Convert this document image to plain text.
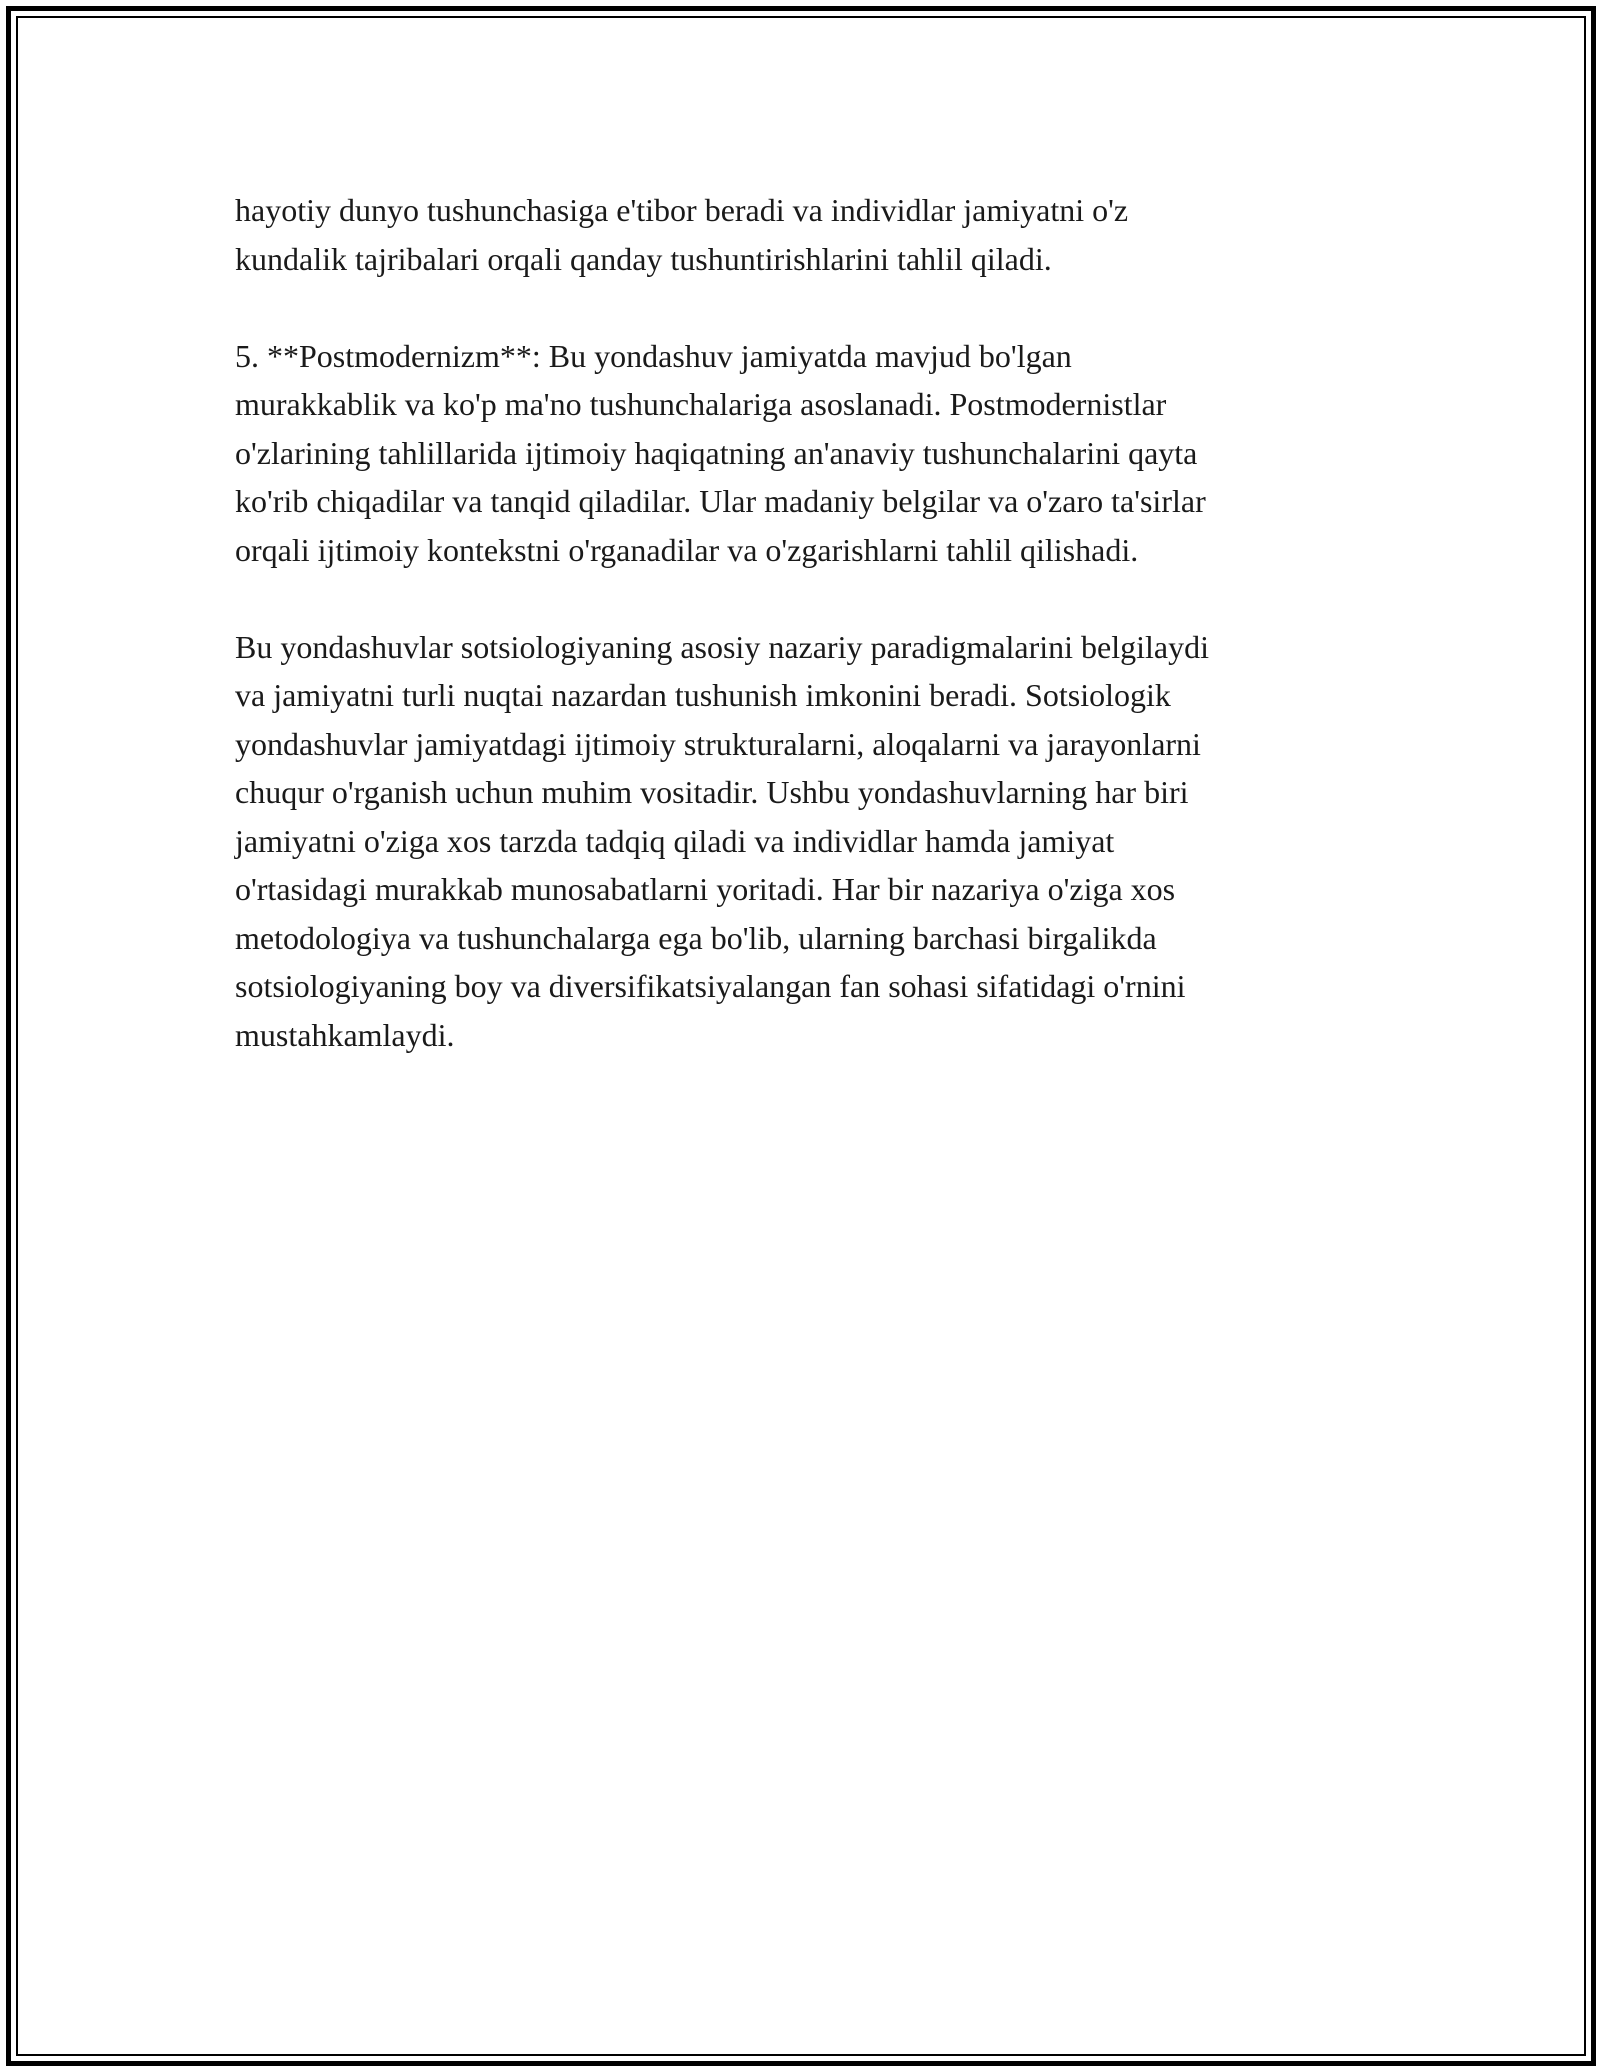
hayotiy dunyo tushunchasiga e'tibor beradi va individlar jamiyatni o'z
kundalik tajribalari orqali qanday tushuntirishlarini tahlil qiladi.

5. **Postmodernizm**: Bu yondashuv jamiyatda mavjud bo'lgan
murakkablik va ko'p ma'no tushunchalariga asoslanadi. Postmodernistlar
o'zlarining tahlillarida ijtimoiy haqiqatning an'anaviy tushunchalarini qayta
ko'rib chiqadilar va tanqid qiladilar. Ular madaniy belgilar va o'zaro ta'sirlar
orqali ijtimoiy kontekstni o'rganadilar va o'zgarishlarni tahlil qilishadi.

Bu yondashuvlar sotsiologiyaning asosiy nazariy paradigmalarini belgilaydi
va jamiyatni turli nuqtai nazardan tushunish imkonini beradi. Sotsiologik
yondashuvlar jamiyatdagi ijtimoiy strukturalarni, aloqalarni va jarayonlarni
chuqur o'rganish uchun muhim vositadir. Ushbu yondashuvlarning har biri
jamiyatni o'ziga xos tarzda tadqiq qiladi va individlar hamda jamiyat
o'rtasidagi murakkab munosabatlarni yoritadi. Har bir nazariya o'ziga xos
metodologiya va tushunchalarga ega bo'lib, ularning barchasi birgalikda
sotsiologiyaning boy va diversifikatsiyalangan fan sohasi sifatidagi o'rnini
mustahkamlaydi.
